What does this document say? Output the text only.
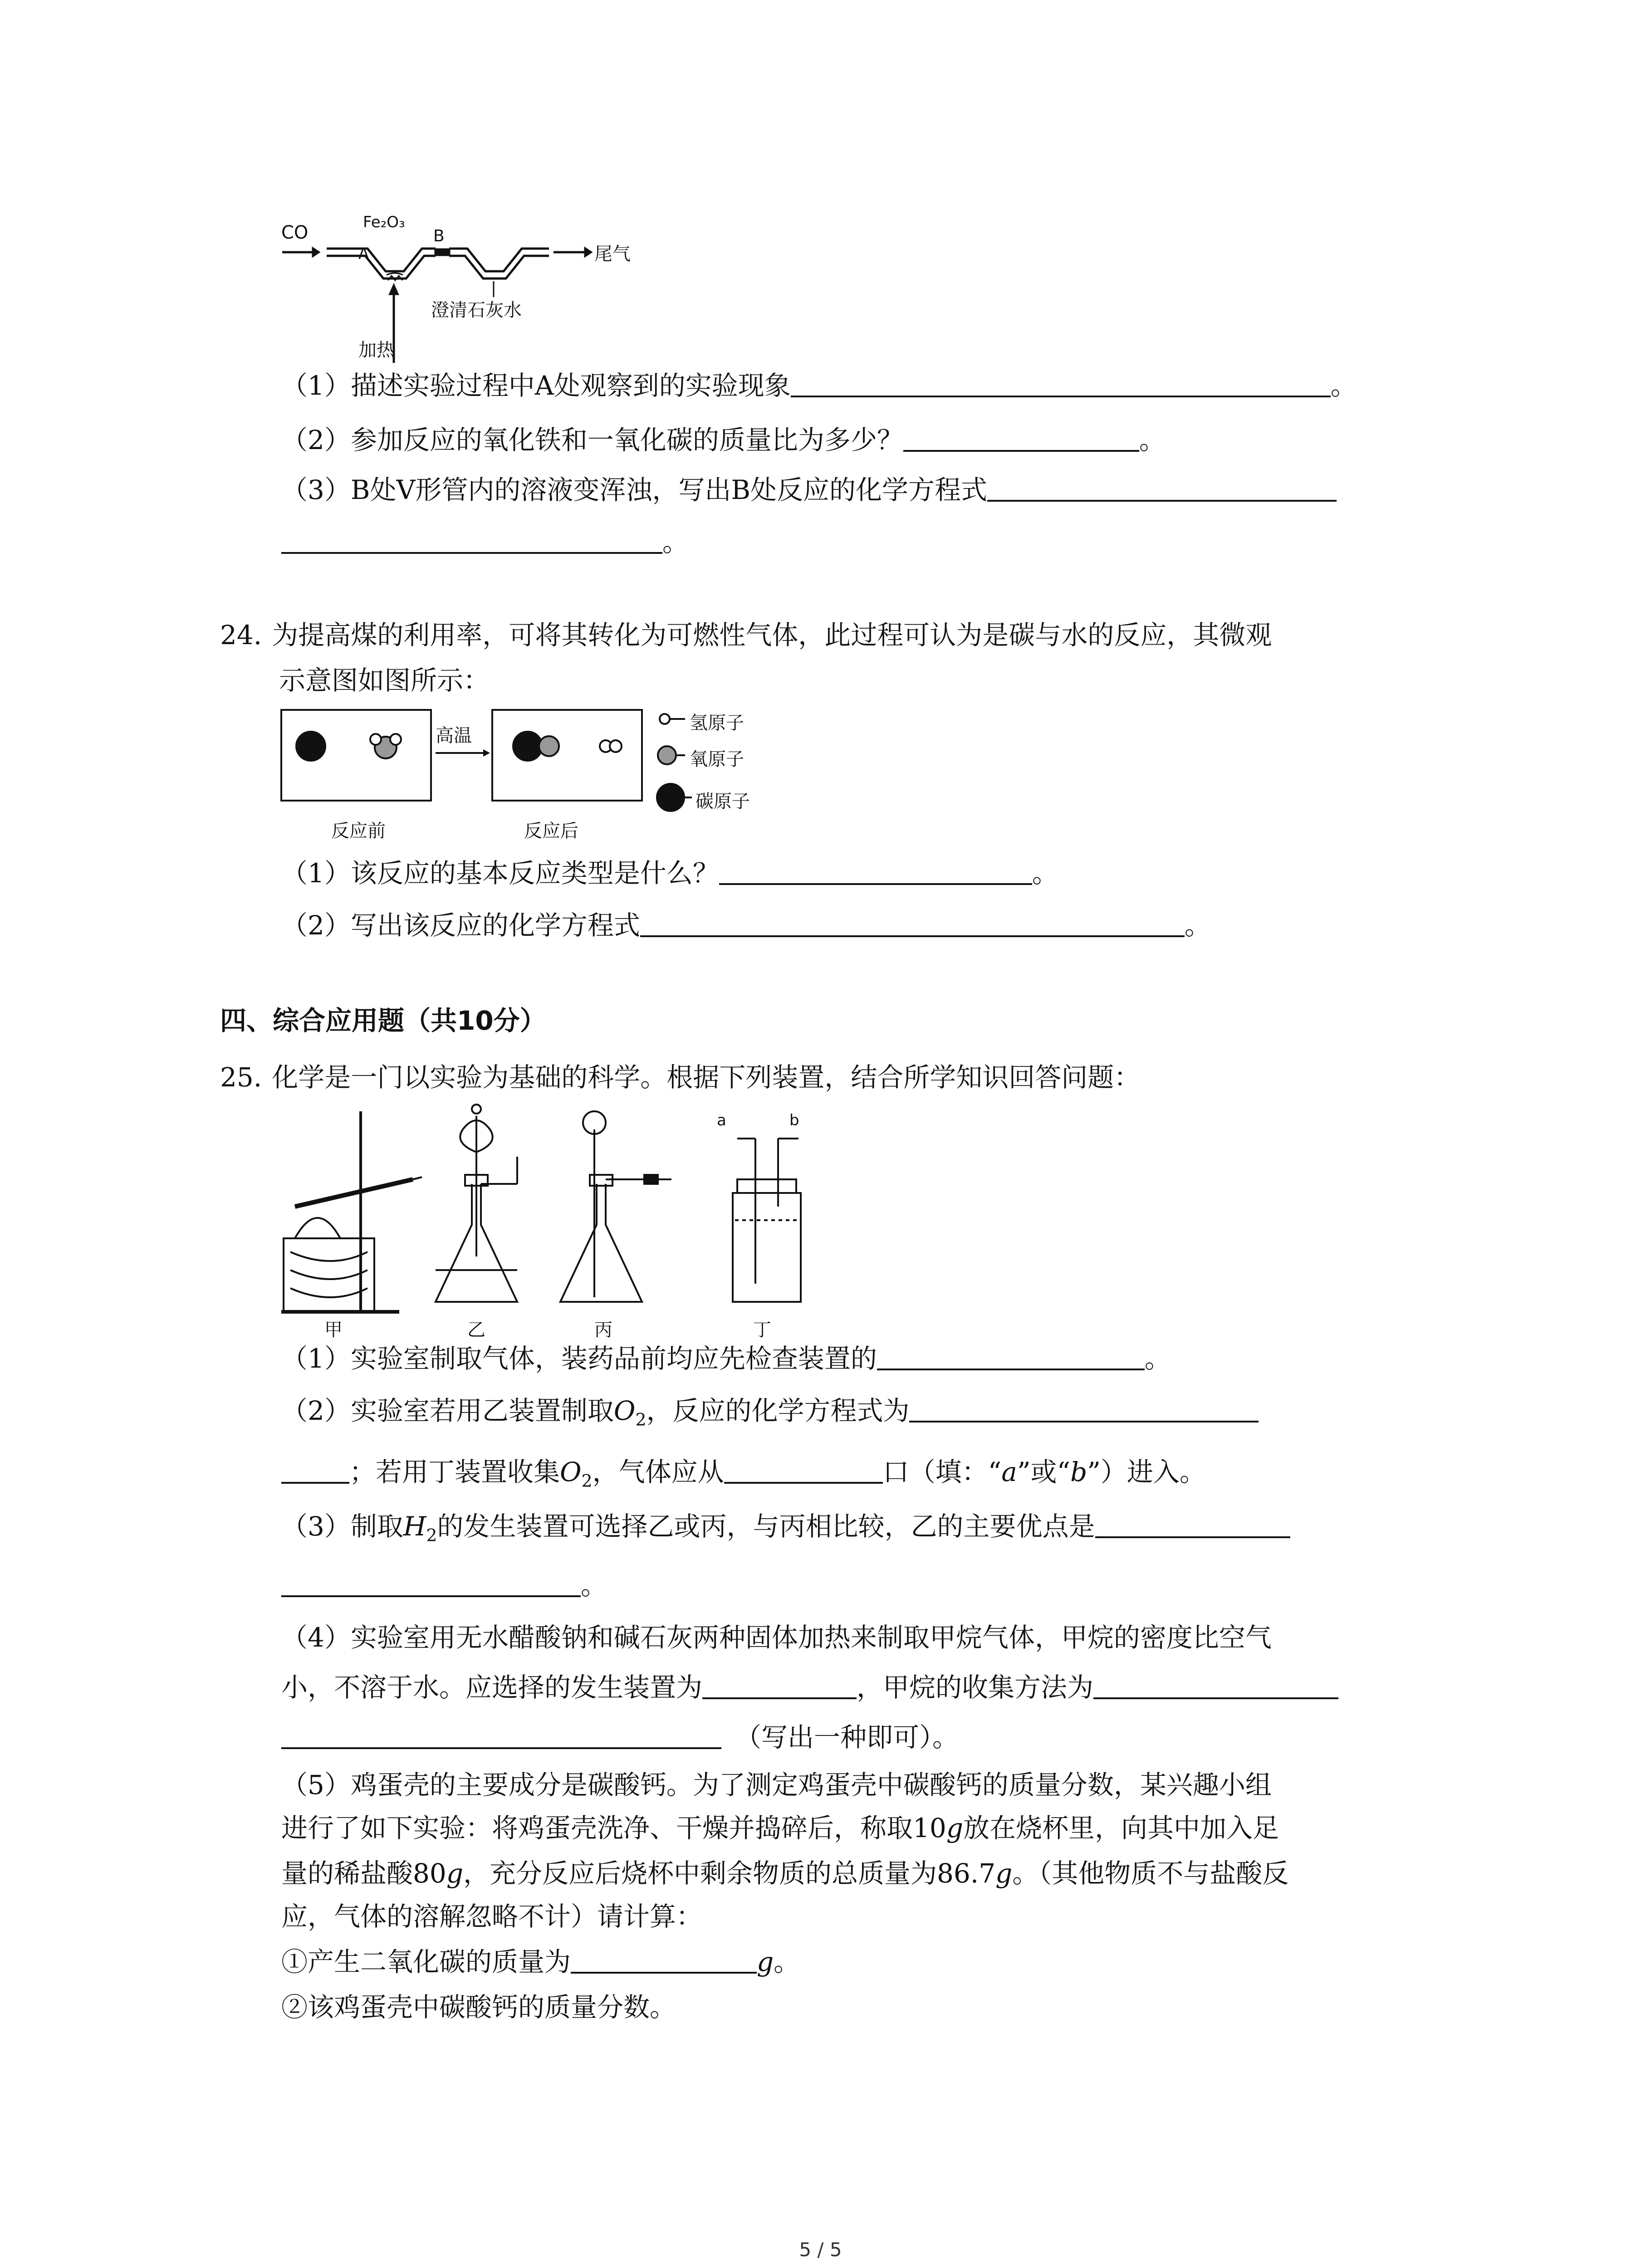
CO	Fe₂O₃
A
B
尾气
澄清石灰水
加热
（1）描述实验过程中A处观察到的实验现象	。
（2）参加反应的氧化铁和一氧化碳的质量比为多少？	。
（3）B处V形管内的溶液变浑浊，写出B处反应的化学方程式
。
24. 为提高煤的利用率，可将其转化为可燃性气体，此过程可认为是碳与水的反应，其微观
示意图如图所示：
高温
反应前	反应后
氢原子
氧原子
碳原子
（1）该反应的基本反应类型是什么？	。
（2）写出该反应的化学方程式	。
四、综合应用题（共10分）
25. 化学是一门以实验为基础的科学。根据下列装置，结合所学知识回答问题：
甲	乙	丙	丁
a	b
（1）实验室制取气体，装药品前均应先检查装置的	。
（2）实验室若用乙装置制取$O_2$，反应的化学方程式为
；若用丁装置收集$O_2$，气体应从	口（填：“a”或“b”）进入。
（3）制取$H_2$的发生装置可选择乙或丙，与丙相比较，乙的主要优点是
。
（4）实验室用无水醋酸钠和碱石灰两种固体加热来制取甲烷气体，甲烷的密度比空气
小，不溶于水。应选择的发生装置为	，甲烷的收集方法为
（写出一种即可）。
（5）鸡蛋壳的主要成分是碳酸钙。为了测定鸡蛋壳中碳酸钙的质量分数，某兴趣小组
进行了如下实验：将鸡蛋壳洗净、干燥并捣碎后，称取10g放在烧杯里，向其中加入足
量的稀盐酸80g，充分反应后烧杯中剩余物质的总质量为86.7g。（其他物质不与盐酸反
应，气体的溶解忽略不计）请计算：
①产生二氧化碳的质量为	g。
②该鸡蛋壳中碳酸钙的质量分数。
5 / 5
